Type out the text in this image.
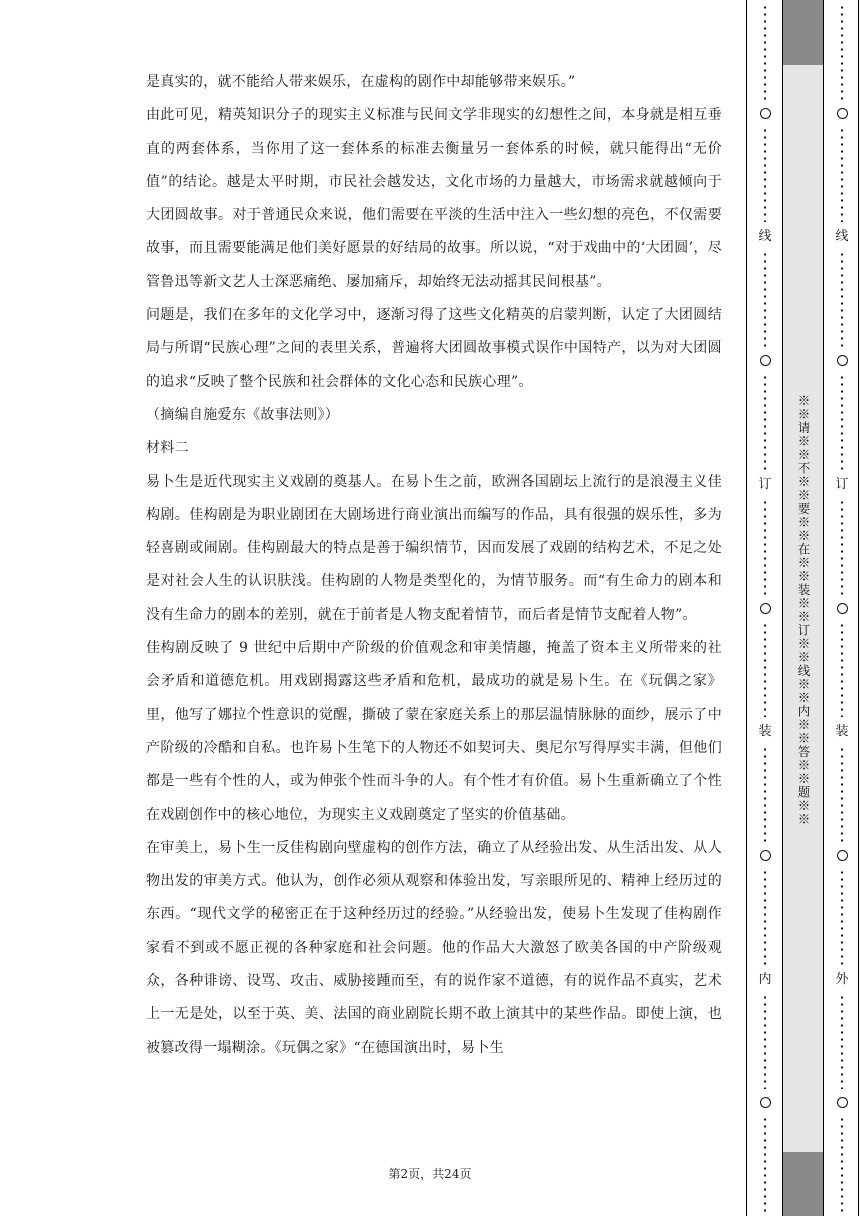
是真实的，就不能给人带来娱乐，在虚构的剧作中却能够带来娱乐。”

由此可见，精英知识分子的现实主义标准与民间文学非现实的幻想性之间，本身就是相互垂直的两套体系，当你用了这一套体系的标准去衡量另一套体系的时候，就只能得出“无价值”的结论。越是太平时期，市民社会越发达，文化市场的力量越大，市场需求就越倾向于大团圆故事。对于普通民众来说，他们需要在平淡的生活中注入一些幻想的亮色，不仅需要故事，而且需要能满足他们美好愿景的好结局的故事。所以说，“对于戏曲中的‘大团圆’，尽管鲁迅等新文艺人士深恶痛绝、屡加痛斥，却始终无法动摇其民间根基”。

问题是，我们在多年的文化学习中，逐渐习得了这些文化精英的启蒙判断，认定了大团圆结局与所谓“民族心理”之间的表里关系，普遍将大团圆故事模式误作中国特产，以为对大团圆的追求“反映了整个民族和社会群体的文化心态和民族心理”。

（摘编自施爱东《故事法则》）

材料二

易卜生是近代现实主义戏剧的奠基人。在易卜生之前，欧洲各国剧坛上流行的是浪漫主义佳构剧。佳构剧是为职业剧团在大剧场进行商业演出而编写的作品，具有很强的娱乐性，多为轻喜剧或闹剧。佳构剧最大的特点是善于编织情节，因而发展了戏剧的结构艺术，不足之处是对社会人生的认识肤浅。佳构剧的人物是类型化的，为情节服务。而“有生命力的剧本和没有生命力的剧本的差别，就在于前者是人物支配着情节，而后者是情节支配着人物”。

佳构剧反映了 9 世纪中后期中产阶级的价值观念和审美情趣，掩盖了资本主义所带来的社会矛盾和道德危机。用戏剧揭露这些矛盾和危机，最成功的就是易卜生。在《玩偶之家》里，他写了娜拉个性意识的觉醒，撕破了蒙在家庭关系上的那层温情脉脉的面纱，展示了中产阶级的冷酷和自私。也许易卜生笔下的人物还不如契诃夫、奥尼尔写得厚实丰满，但他们都是一些有个性的人，或为伸张个性而斗争的人。有个性才有价值。易卜生重新确立了个性在戏剧创作中的核心地位，为现实主义戏剧奠定了坚实的价值基础。

在审美上，易卜生一反佳构剧向壁虚构的创作方法，确立了从经验出发、从生活出发、从人物出发的审美方式。他认为，创作必须从观察和体验出发，写亲眼所见的、精神上经历过的东西。“现代文学的秘密正在于这种经历过的经验。”从经验出发，使易卜生发现了佳构剧作家看不到或不愿正视的各种家庭和社会问题。他的作品大大激怒了欧美各国的中产阶级观众，各种诽谤、设骂、攻击、威胁接踵而至，有的说作家不道德，有的说作品不真实，艺术上一无是处，以至于英、美、法国的商业剧院长期不敢上演其中的某些作品。即使上演，也被篡改得一塌糊涂。《玩偶之家》“在德国演出时，易卜生

第2页，共24页
线
订
装
内
线
订
装
外
※※请※※不※※要※※在※※装※※订※※线※※内※※答※※题※※
